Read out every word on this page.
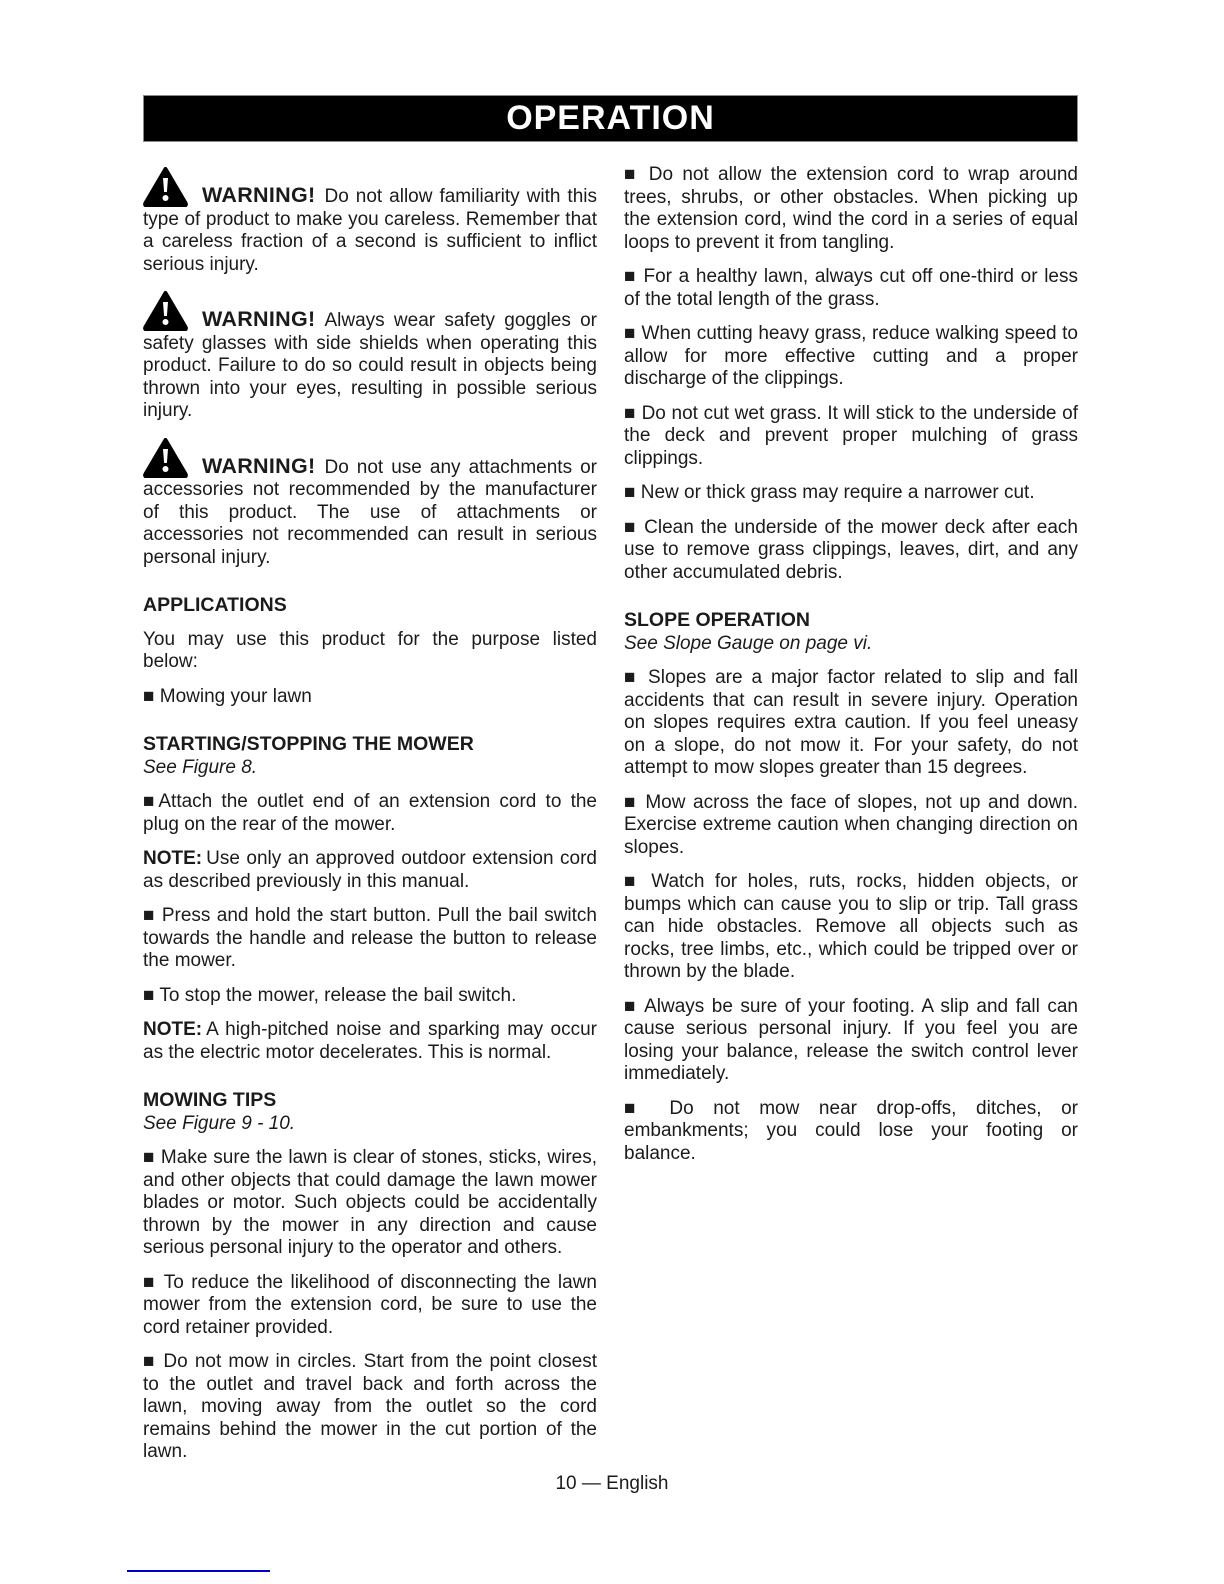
OPERATION
WARNING! Do not allow familiarity with this type of product to make you careless. Remember that a careless fraction of a second is sufficient to inflict serious injury.
WARNING! Always wear safety goggles or safety glasses with side shields when operating this product. Failure to do so could result in objects being thrown into your eyes, resulting in possible serious injury.
WARNING! Do not use any attachments or accessories not recommended by the manufacturer of this product. The use of attachments or accessories not recommended can result in serious personal injury.
APPLICATIONS
You may use this product for the purpose listed below:
■ Mowing your lawn
STARTING/STOPPING THE MOWER
See Figure 8.
■Attach the outlet end of an extension cord to the plug on the rear of the mower.
NOTE: Use only an approved outdoor extension cord as described previously in this manual.
■ Press and hold the start button. Pull the bail switch towards the handle and release the button to release the mower.
■ To stop the mower, release the bail switch.
NOTE: A high-pitched noise and sparking may occur as the electric motor decelerates. This is normal.
MOWING TIPS
See Figure 9 - 10.
■ Make sure the lawn is clear of stones, sticks, wires, and other objects that could damage the lawn mower blades or motor. Such objects could be accidentally thrown by the mower in any direction and cause serious personal injury to the operator and others.
■ To reduce the likelihood of disconnecting the lawn mower from the extension cord, be sure to use the cord retainer provided.
■ Do not mow in circles. Start from the point closest to the outlet and travel back and forth across the lawn, moving away from the outlet so the cord remains behind the mower in the cut portion of the lawn.
■ Do not allow the extension cord to wrap around trees, shrubs, or other obstacles. When picking up the extension cord, wind the cord in a series of equal loops to prevent it from tangling.
■ For a healthy lawn, always cut off one-third or less of the total length of the grass.
■ When cutting heavy grass, reduce walking speed to allow for more effective cutting and a proper discharge of the clippings.
■ Do not cut wet grass. It will stick to the underside of the deck and prevent proper mulching of grass clippings.
■ New or thick grass may require a narrower cut.
■ Clean the underside of the mower deck after each use to remove grass clippings, leaves, dirt, and any other accumulated debris.
SLOPE OPERATION
See Slope Gauge on page vi.
■ Slopes are a major factor related to slip and fall accidents that can result in severe injury. Operation on slopes requires extra caution. If you feel uneasy on a slope, do not mow it. For your safety, do not attempt to mow slopes greater than 15 degrees.
■ Mow across the face of slopes, not up and down. Exercise extreme caution when changing direction on slopes.
■ Watch for holes, ruts, rocks, hidden objects, or bumps which can cause you to slip or trip. Tall grass can hide obstacles. Remove all objects such as rocks, tree limbs, etc., which could be tripped over or thrown by the blade.
■ Always be sure of your footing. A slip and fall can cause serious personal injury. If you feel you are losing your balance, release the switch control lever immediately.
■ Do not mow near drop-offs, ditches, or embankments; you could lose your footing or balance.
10 — English
